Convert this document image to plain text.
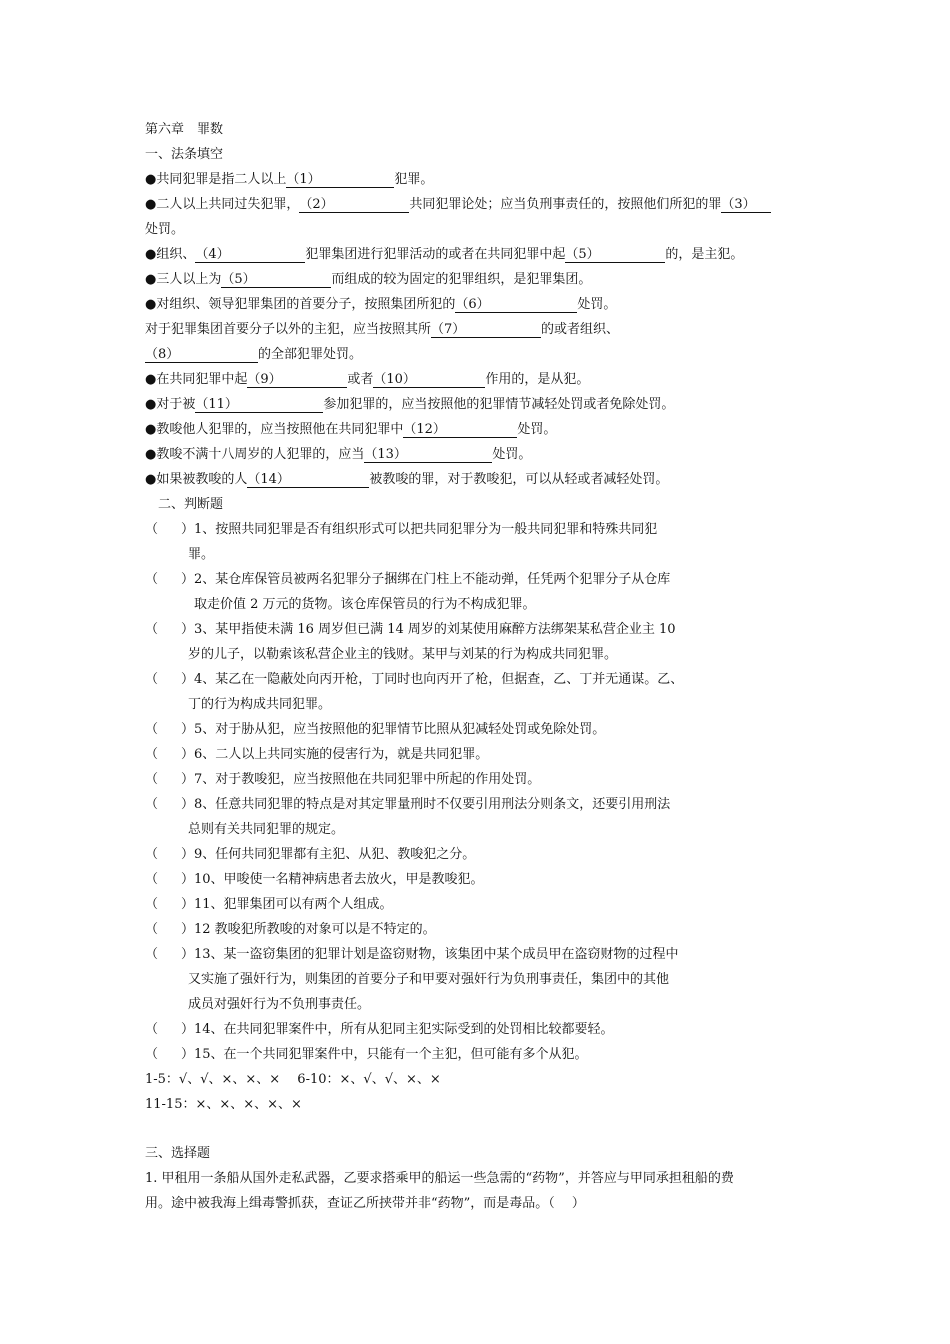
第六章　罪数
一、法条填空
●共同犯罪是指二人以上（1）	犯罪。
●二人以上共同过失犯罪，（2）	共同犯罪论处；应当负刑事责任的，按照他们所犯的罪（3）
处罚。
●组织、（4）	犯罪集团进行犯罪活动的或者在共同犯罪中起（5）	的，是主犯。
●三人以上为（5）	而组成的较为固定的犯罪组织，是犯罪集团。
●对组织、领导犯罪集团的首要分子，按照集团所犯的（6）	处罚。
对于犯罪集团首要分子以外的主犯，应当按照其所（7）	的或者组织、
（8）	的全部犯罪处罚。
●在共同犯罪中起（9）	或者（10）	作用的，是从犯。
●对于被（11）	参加犯罪的，应当按照他的犯罪情节减轻处罚或者免除处罚。
●教唆他人犯罪的，应当按照他在共同犯罪中（12）	处罚。
●教唆不满十八周岁的人犯罪的，应当（13）	处罚。
●如果被教唆的人（14）	被教唆的罪，对于教唆犯，可以从轻或者减轻处罚。
二、判断题
（ ）1、按照共同犯罪是否有组织形式可以把共同犯罪分为一般共同犯罪和特殊共同犯
罪。
（ ）2、某仓库保管员被两名犯罪分子捆绑在门柱上不能动弹，任凭两个犯罪分子从仓库
取走价值 2 万元的货物。该仓库保管员的行为不构成犯罪。
（ ）3、某甲指使未满 16 周岁但已满 14 周岁的刘某使用麻醉方法绑架某私营企业主 10
岁的儿子，以勒索该私营企业主的钱财。某甲与刘某的行为构成共同犯罪。
（ ）4、某乙在一隐蔽处向丙开枪，丁同时也向丙开了枪，但据查，乙、丁并无通谋。乙、
丁的行为构成共同犯罪。
（ ）5、对于胁从犯，应当按照他的犯罪情节比照从犯减轻处罚或免除处罚。
（ ）6、二人以上共同实施的侵害行为，就是共同犯罪。
（ ）7、对于教唆犯，应当按照他在共同犯罪中所起的作用处罚。
（ ）8、任意共同犯罪的特点是对其定罪量刑时不仅要引用刑法分则条文，还要引用刑法
总则有关共同犯罪的规定。
（ ）9、任何共同犯罪都有主犯、从犯、教唆犯之分。
（ ）10、甲唆使一名精神病患者去放火，甲是教唆犯。
（ ）11、犯罪集团可以有两个人组成。
（ ）12 教唆犯所教唆的对象可以是不特定的。
（ ）13、某一盗窃集团的犯罪计划是盗窃财物，该集团中某个成员甲在盗窃财物的过程中
又实施了强奸行为，则集团的首要分子和甲要对强奸行为负刑事责任，集团中的其他
成员对强奸行为不负刑事责任。
（ ）14、在共同犯罪案件中，所有从犯同主犯实际受到的处罚相比较都要轻。
（ ）15、在一个共同犯罪案件中，只能有一个主犯，但可能有多个从犯。
1-5：√、√、×、×、×　 6-10：×、√、√、×、×
11-15：×、×、×、×、×
三、选择题
1. 甲租用一条船从国外走私武器，乙要求搭乘甲的船运一些急需的“药物”，并答应与甲同承担租船的费
用。途中被我海上缉毒警抓获，查证乙所挟带并非“药物”，而是毒品。（　 ）
